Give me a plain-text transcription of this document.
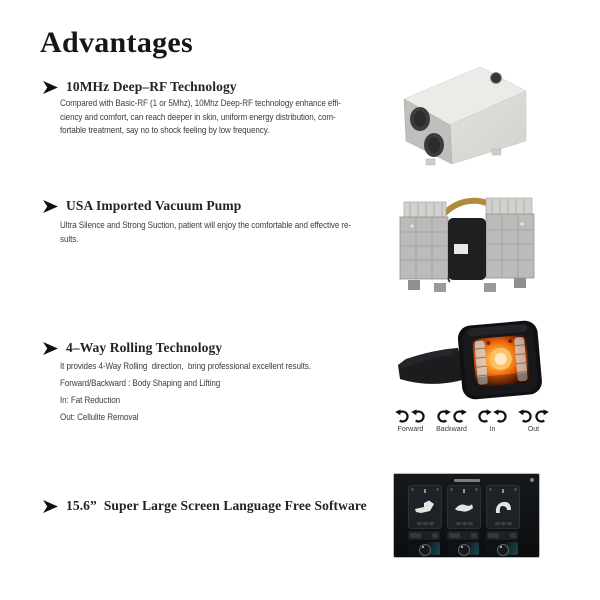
Advantages
10MHz Deep–RF Technology
Compared with Basic-RF (1 or 5Mhz), 10Mhz Deep-RF technology enhance effi-
ciency and comfort, can reach deeper in skin, uniform energy distribution, com-
fortable treatment, say no to shock feeling by low frequency.
USA Imported Vacuum Pump
Ultra Silence and Strong Suction, patient will enjoy the comfortable and effective re-
sults.
4–Way Rolling Technology
It provides 4-Way Rolling  direction,  bring professional excellent results.
Forward/Backward : Body Shaping and Lifting
In: Fat Reduction
Out: Cellulite Removal
Forward Backward	In	Out
15.6”  Super Large Screen Language Free Software
